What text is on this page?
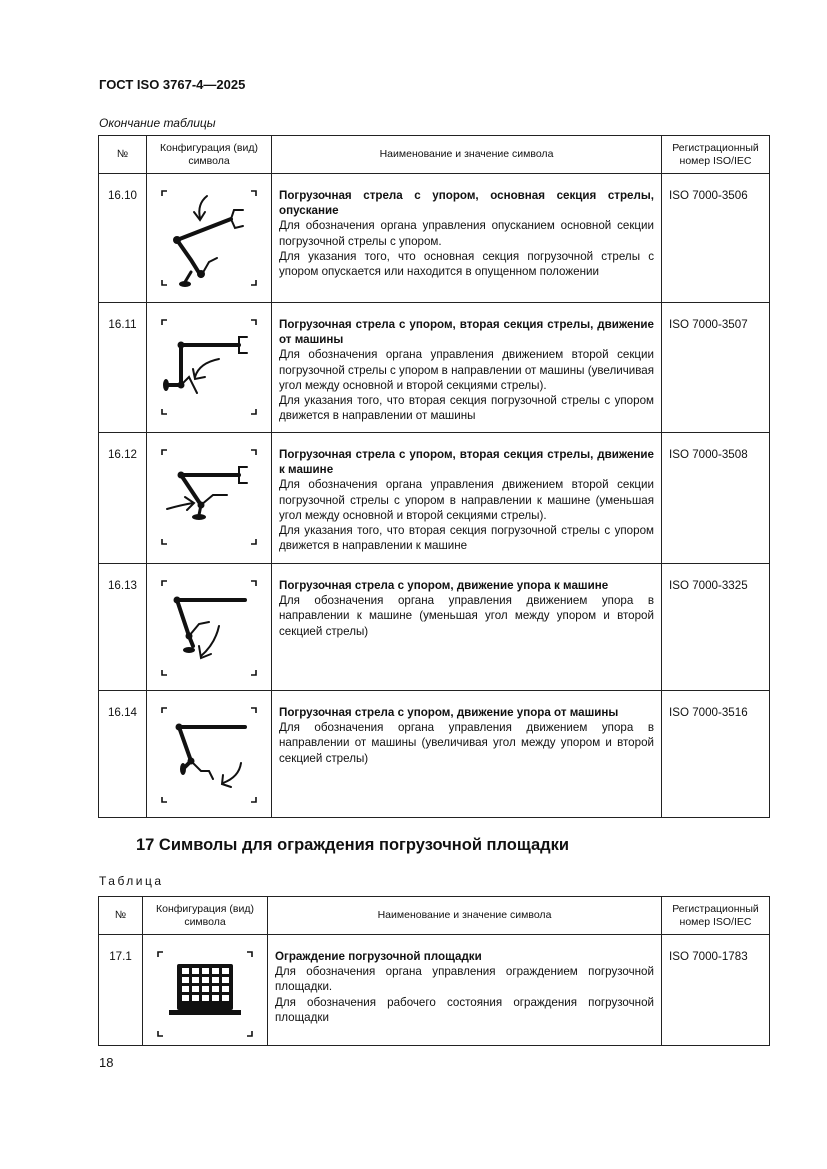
ГОСТ ISO 3767-4—2025
Окончание таблицы
№	Конфигурация (вид) символа	Наименование и значение символа	Регистрационный номер ISO/IEC
16.10		Погрузочная стрела с упором, основная секция стрелы, опускание
Для обозначения органа управления опусканием основной секции погрузочной стрелы с упором.
Для указания того, что основная секция погрузочной стрелы с упором опускается или находится в опущенном положении	ISO 7000-3506
16.11		Погрузочная стрела с упором, вторая секция стрелы, движение от машины
Для обозначения органа управления движением второй секции погрузочной стрелы с упором в направлении от машины (увеличивая угол между основной и второй секциями стрелы).
Для указания того, что вторая секция погрузочной стрелы с упором движется в направлении от машины	ISO 7000-3507
16.12		Погрузочная стрела с упором, вторая секция стрелы, движение к машине
Для обозначения органа управления движением второй секции погрузочной стрелы с упором в направлении к машине (уменьшая угол между основной и второй секциями стрелы).
Для указания того, что вторая секция погрузочной стрелы с упором движется в направлении к машине	ISO 7000-3508
16.13		Погрузочная стрела с упором, движение упора к машине
Для обозначения органа управления движением упора в направлении к машине (уменьшая угол между упором и второй секцией стрелы)	ISO 7000-3325
16.14		Погрузочная стрела с упором, движение упора от машины
Для обозначения органа управления движением упора в направлении от машины (увеличивая угол между упором и второй секцией стрелы)	ISO 7000-3516
17 Символы для ограждения погрузочной площадки
Таблица
№	Конфигурация (вид) символа	Наименование и значение символа	Регистрационный номер ISO/IEC
17.1		Ограждение погрузочной площадки
Для обозначения органа управления ограждением погрузочной площадки.
Для обозначения рабочего состояния ограждения погрузочной площадки	ISO 7000-1783
18
